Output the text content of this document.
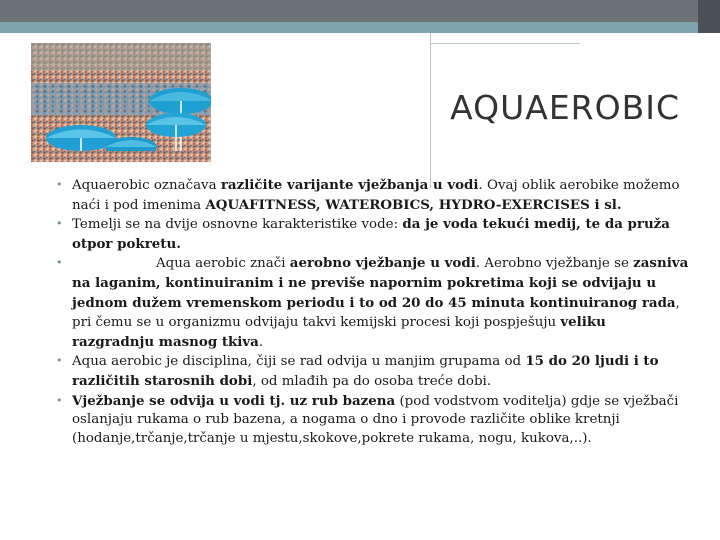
AQUAEROBIC

• Aquaerobic označava različite varijante vježbanja u vodi. Ovaj oblik aerobike možemo naći i pod imenima AQUAFITNESS, WATEROBICS, HYDRO-EXERCISES i sl.

• Temelji se na dvije osnovne karakteristike vode: da je voda tekući medij, te da pruža otpor pokretu.

• Aqua aerobic znači aerobno vježbanje u vodi. Aerobno vježbanje se zasniva na laganim, kontinuiranim i ne previše napornim pokretima koji se odvijaju u jednom dužem vremenskom periodu i to od 20 do 45 minuta kontinuiranog rada, pri čemu se u organizmu odvijaju takvi kemijski procesi koji pospješuju veliku razgradnju masnog tkiva.

• Aqua aerobic je disciplina, čiji se rad odvija u manjim grupama od 15 do 20 ljudi i to različitih starosnih dobi, od mlađih pa do osoba treće dobi.

• Vježbanje se odvija u vodi tj. uz rub bazena (pod vodstvom voditelja) gdje se vježbači oslanjaju rukama o rub bazena, a nogama o dno i provode različite oblike kretnji (hodanje,trčanje,trčanje u mjestu,skokove,pokrete rukama, nogu, kukova,..).
